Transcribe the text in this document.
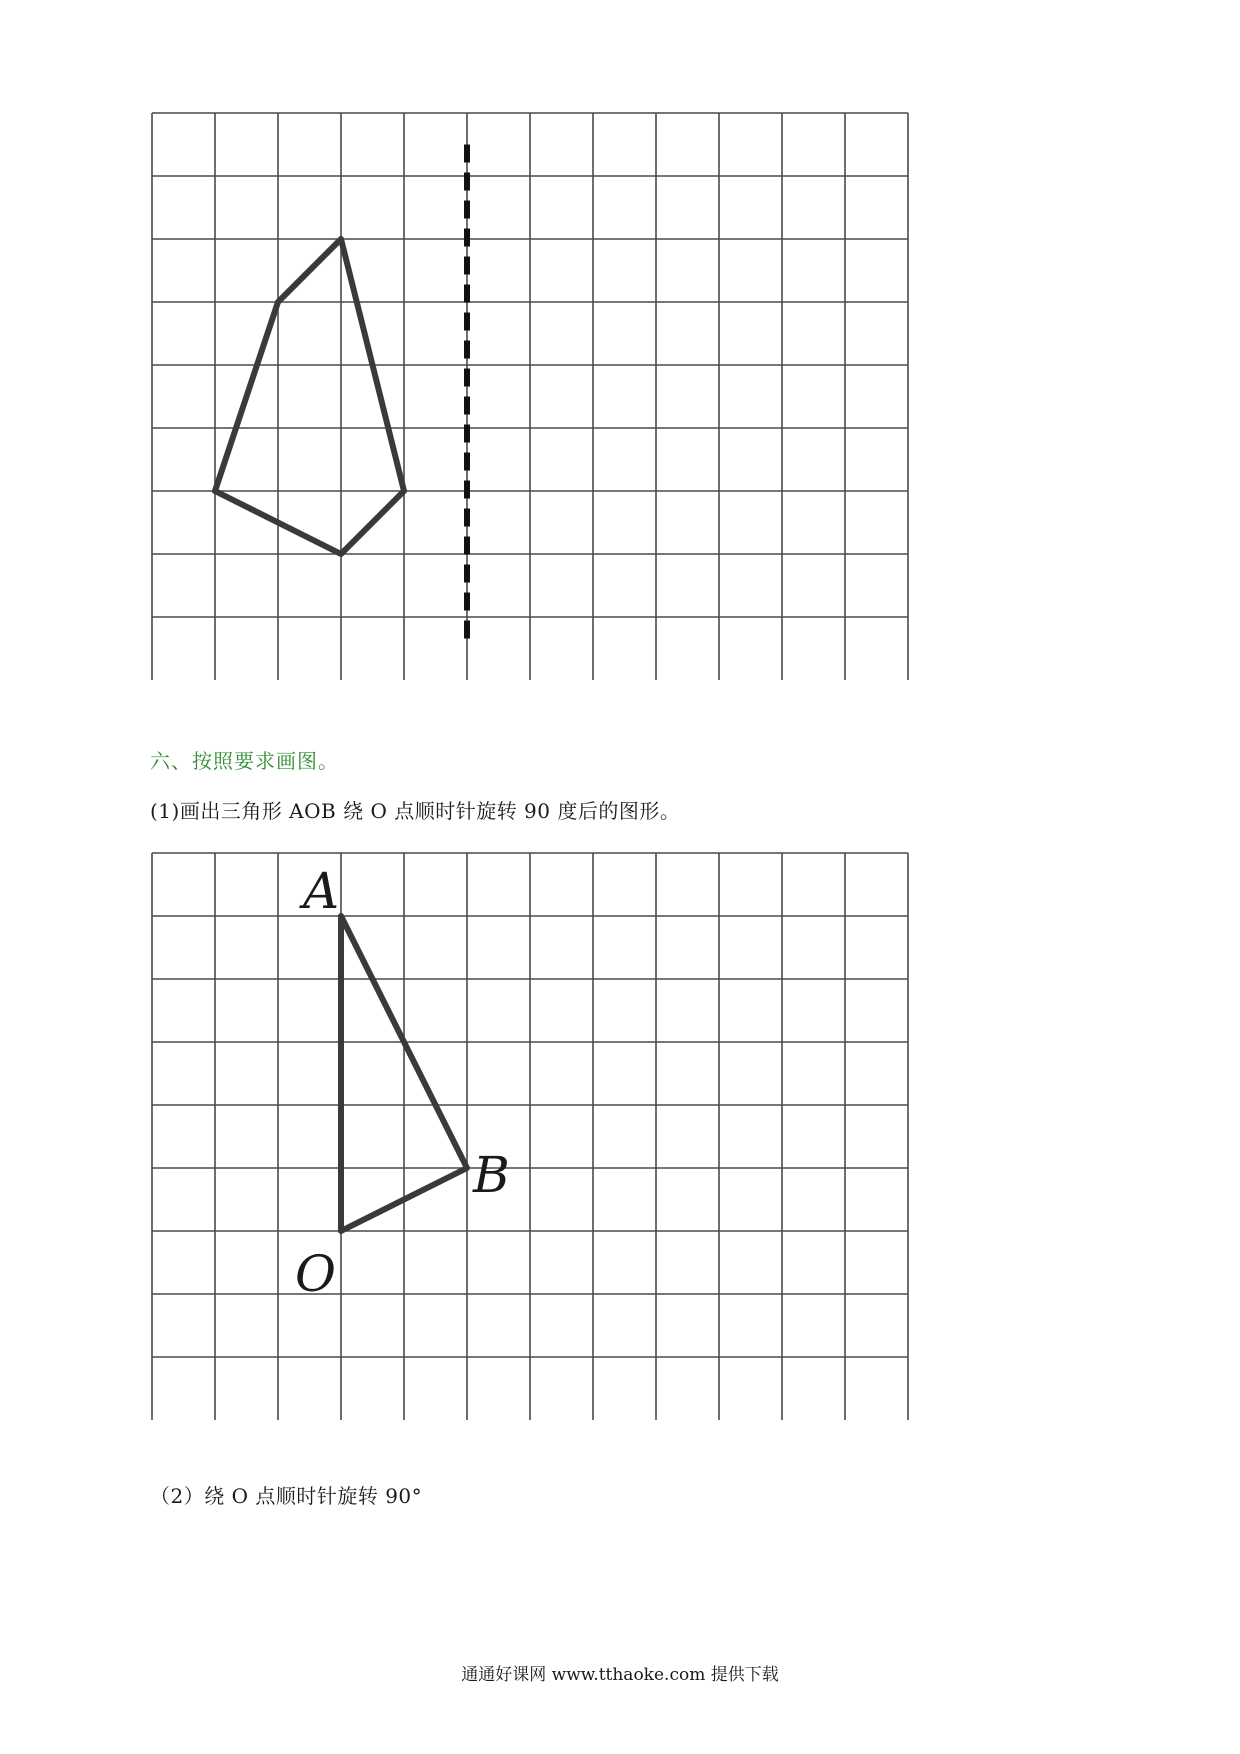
A
B
O

六、按照要求画图。

(1)画出三角形 AOB 绕 O 点顺时针旋转 90 度后的图形。

（2）绕 O 点顺时针旋转 90°

通通好课网 www.tthaoke.com 提供下载
